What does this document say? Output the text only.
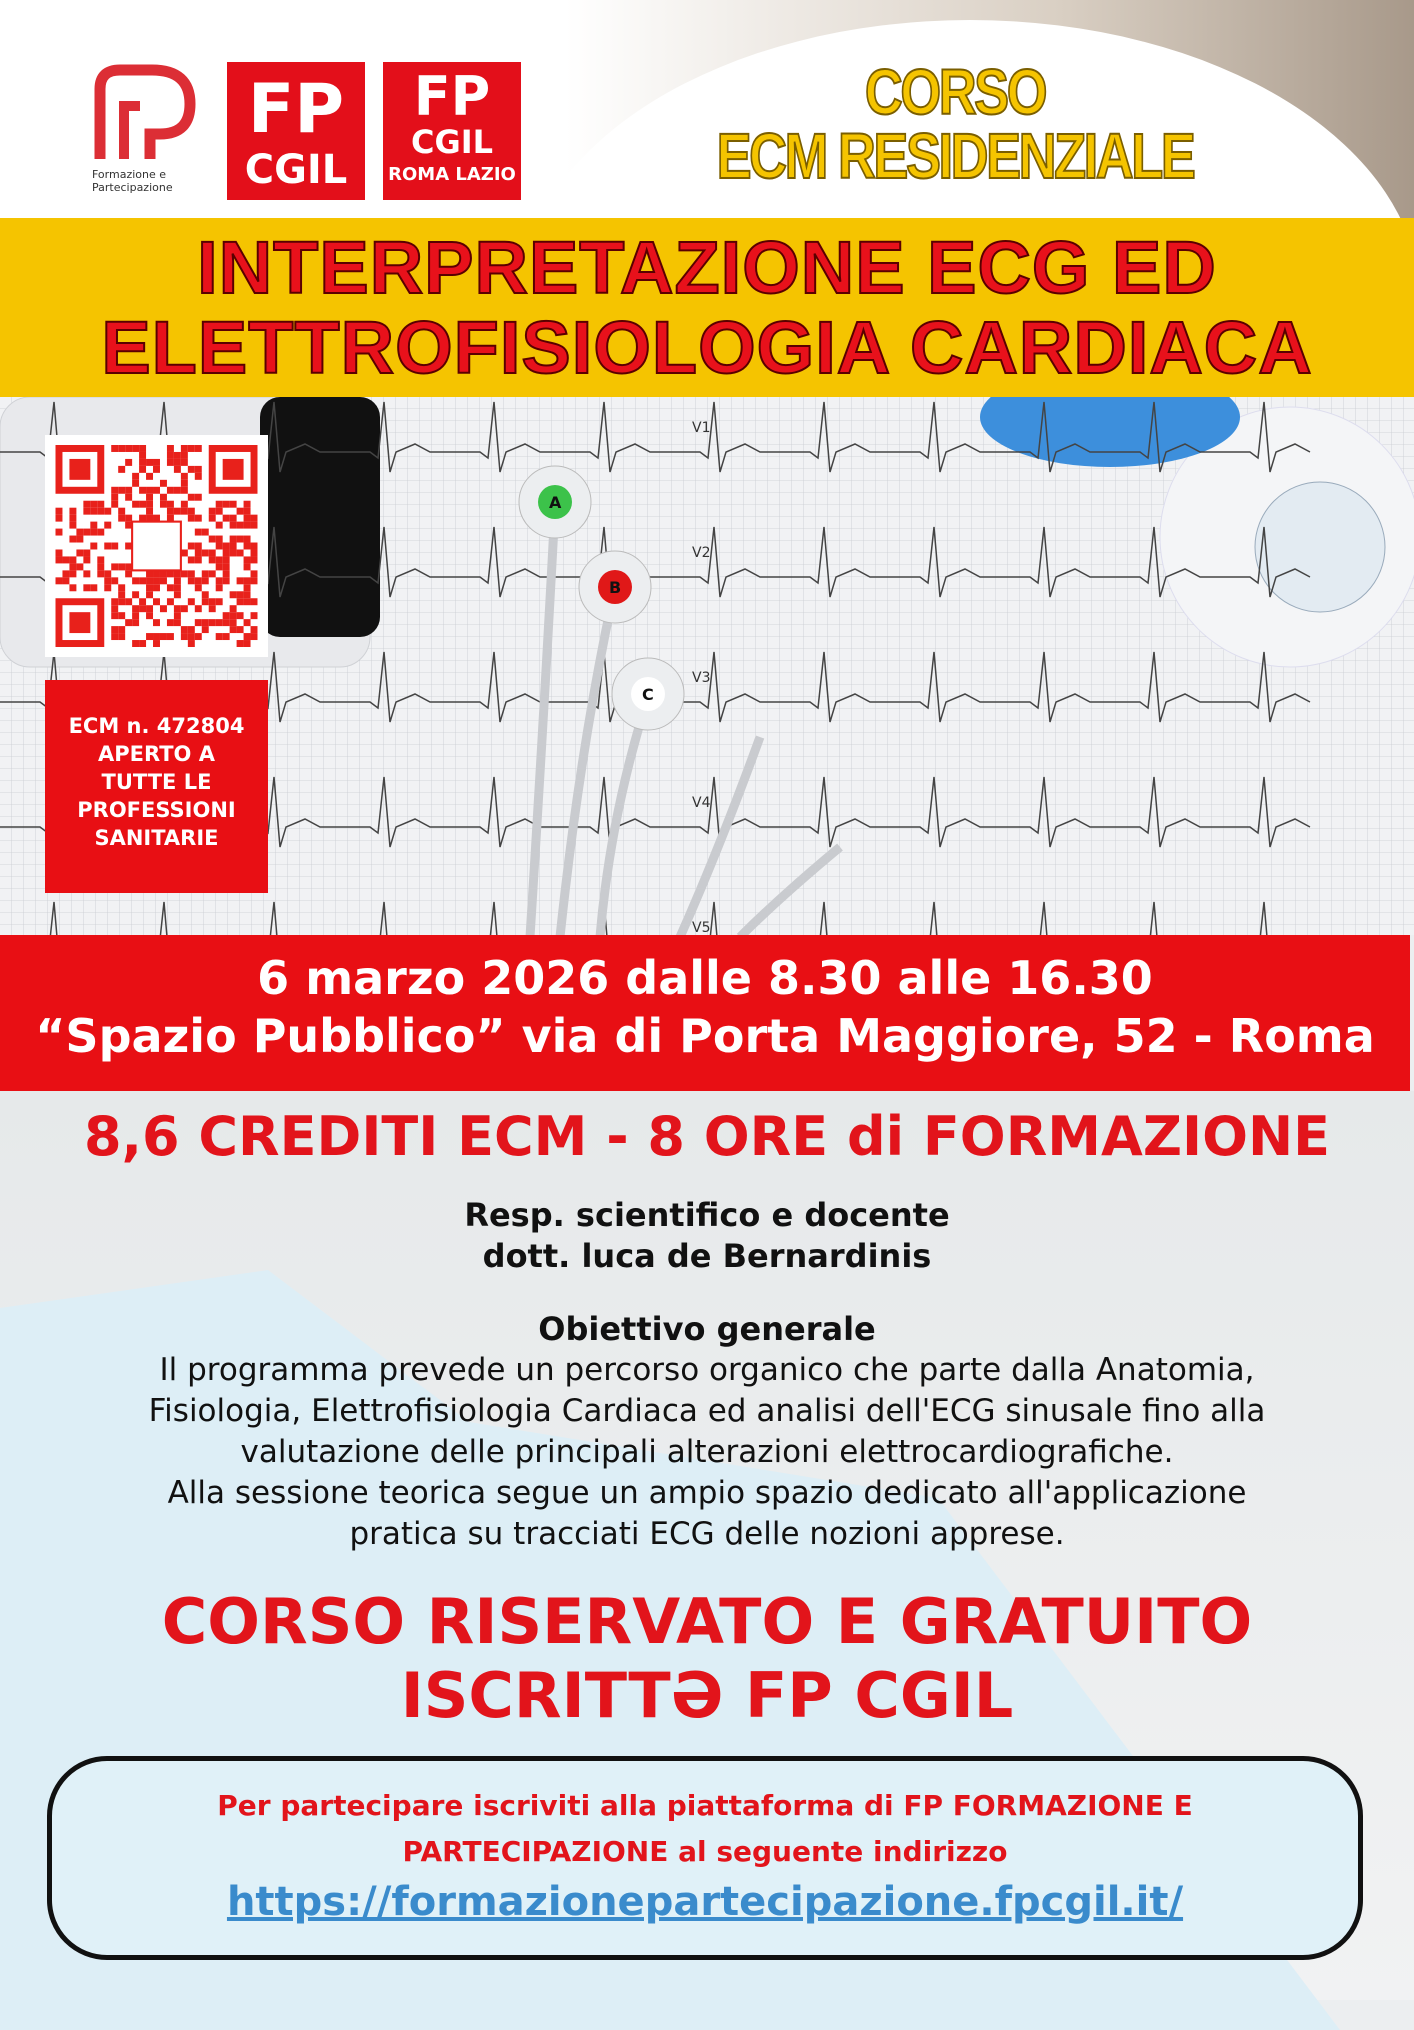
Formazione e Partecipazione
FP
CGIL
FP
CGIL
ROMA LAZIO
CORSO
ECM RESIDENZIALE
INTERPRETAZIONE ECG ED
ELETTROFISIOLOGIA CARDIACA
V1
V2
V3
V4
V5
A
B
C
ECM n. 472804
APERTO A
TUTTE LE
PROFESSIONI
SANITARIE
6 marzo 2026 dalle 8.30 alle 16.30
“Spazio Pubblico” via di Porta Maggiore, 52 - Roma
8,6 CREDITI ECM - 8 ORE di FORMAZIONE
Resp. scientifico e docente
dott. luca de Bernardinis
Obiettivo generale
Il programma prevede un percorso organico che parte dalla Anatomia,
Fisiologia, Elettrofisiologia Cardiaca ed analisi dell'ECG sinusale fino alla
valutazione delle principali alterazioni elettrocardiografiche.
Alla sessione teorica segue un ampio spazio dedicato all'applicazione
pratica su tracciati ECG delle nozioni apprese.
CORSO RISERVATO E GRATUITO
ISCRITTƏ FP CGIL
Per partecipare iscriviti alla piattaforma di FP FORMAZIONE E
PARTECIPAZIONE al seguente indirizzo
https://formazionepartecipazione.fpcgil.it/
